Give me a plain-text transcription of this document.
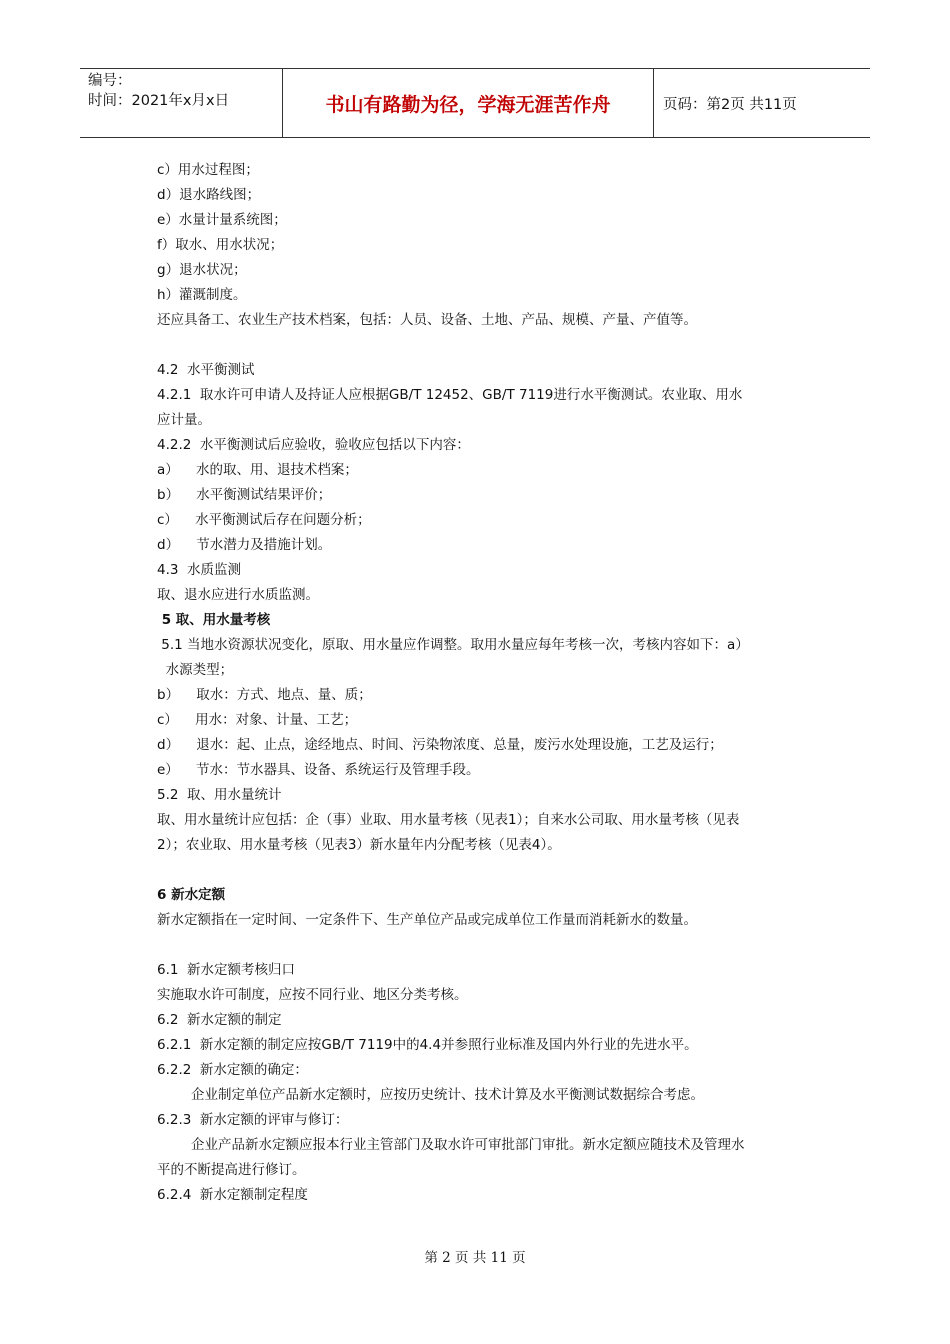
编号：
时间：2021年x月x日	书山有路勤为径，学海无涯苦作舟	页码：第2页 共11页
c）用水过程图；
d）退水路线图；
e）水量计量系统图；
f）取水、用水状况；
g）退水状况；
h）灌溉制度。
还应具备工、农业生产技术档案，包括：人员、设备、土地、产品、规模、产量、产值等。
4.2  水平衡测试
4.2.1  取水许可申请人及持证人应根据GB/T 12452、GB/T 7119进行水平衡测试。农业取、用水
应计量。
4.2.2  水平衡测试后应验收，验收应包括以下内容：
a）    水的取、用、退技术档案；
b）    水平衡测试结果评价；
c）    水平衡测试后存在问题分析；
d）    节水潜力及措施计划。
4.3  水质监测
取、退水应进行水质监测。
5 取、用水量考核
5.1 当地水资源状况变化，原取、用水量应作调整。取用水量应每年考核一次，考核内容如下：a）
水源类型；
b）    取水：方式、地点、量、质；
c）    用水：对象、计量、工艺；
d）    退水：起、止点，途经地点、时间、污染物浓度、总量，废污水处理设施，工艺及运行；
e）    节水：节水器具、设备、系统运行及管理手段。
5.2  取、用水量统计
取、用水量统计应包括：企（事）业取、用水量考核（见表1）；自来水公司取、用水量考核（见表
2）；农业取、用水量考核（见表3）新水量年内分配考核（见表4）。
6 新水定额
新水定额指在一定时间、一定条件下、生产单位产品或完成单位工作量而消耗新水的数量。
6.1  新水定额考核归口
实施取水许可制度，应按不同行业、地区分类考核。
6.2  新水定额的制定
6.2.1  新水定额的制定应按GB/T 7119中的4.4并参照行业标准及国内外行业的先进水平。
6.2.2  新水定额的确定：
企业制定单位产品新水定额时，应按历史统计、技术计算及水平衡测试数据综合考虑。
6.2.3  新水定额的评审与修订：
企业产品新水定额应报本行业主管部门及取水许可审批部门审批。新水定额应随技术及管理水
平的不断提高进行修订。
6.2.4  新水定额制定程度
第 2 页 共 11 页
